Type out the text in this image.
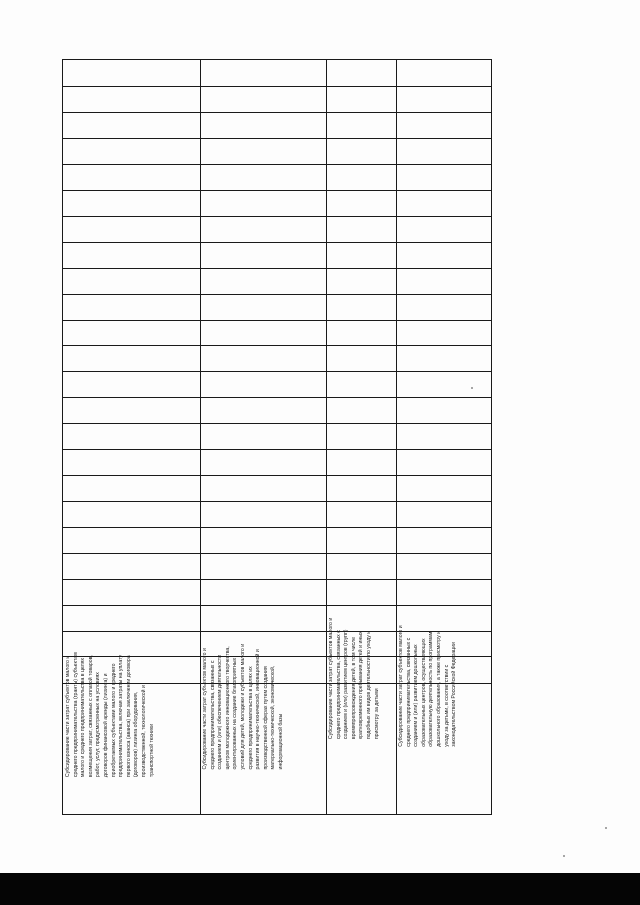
Субсидирование части затрат субъектов малого и среднего предпринимательства (гранты) субъектам малого и среднего предпринимательства в целях возмещения затрат, связанных с оплатой товаров, работ, услуг, предусмотренных на условиях договоров финансовой аренды (лизинга) и приобретаемых субъектами малого и среднего предпринимательства, включая затраты на уплату первого взноса (аванса) при заключении договора (договоров) лизинга оборудования, производственной, технологической и транспортной техники	Субсидирование части затрат субъектов малого и среднего предпринимательства, связанных с созданием и (или) обеспечением деятельности центров молодежного инновационного творчества, ориентированных на создание благоприятных условий для детей, молодежи и субъектов малого и среднего предпринимательства в целях их развития в научно-технической, инновационной и производственной сферах путем создания материально-технической, экономической, информационной базы
Субсидирование части затрат субъектов малого и среднего предпринимательства, связанных с созданием и (или) развитием центров (групп) времяпрепровождения детей, в том числе кратковременного пребывания детей и иных подобных им видов деятельности по уходу и присмотру за детьми	Субсидирование части затрат субъектов малого и среднего предпринимательства, связанных с созданием и (или) развитием дошкольных образовательных центров, осуществляющих образовательную деятельность по программам дошкольного образования, а также присмотру и уходу за детьми, в соответствии с законодательством Российской Федерации
